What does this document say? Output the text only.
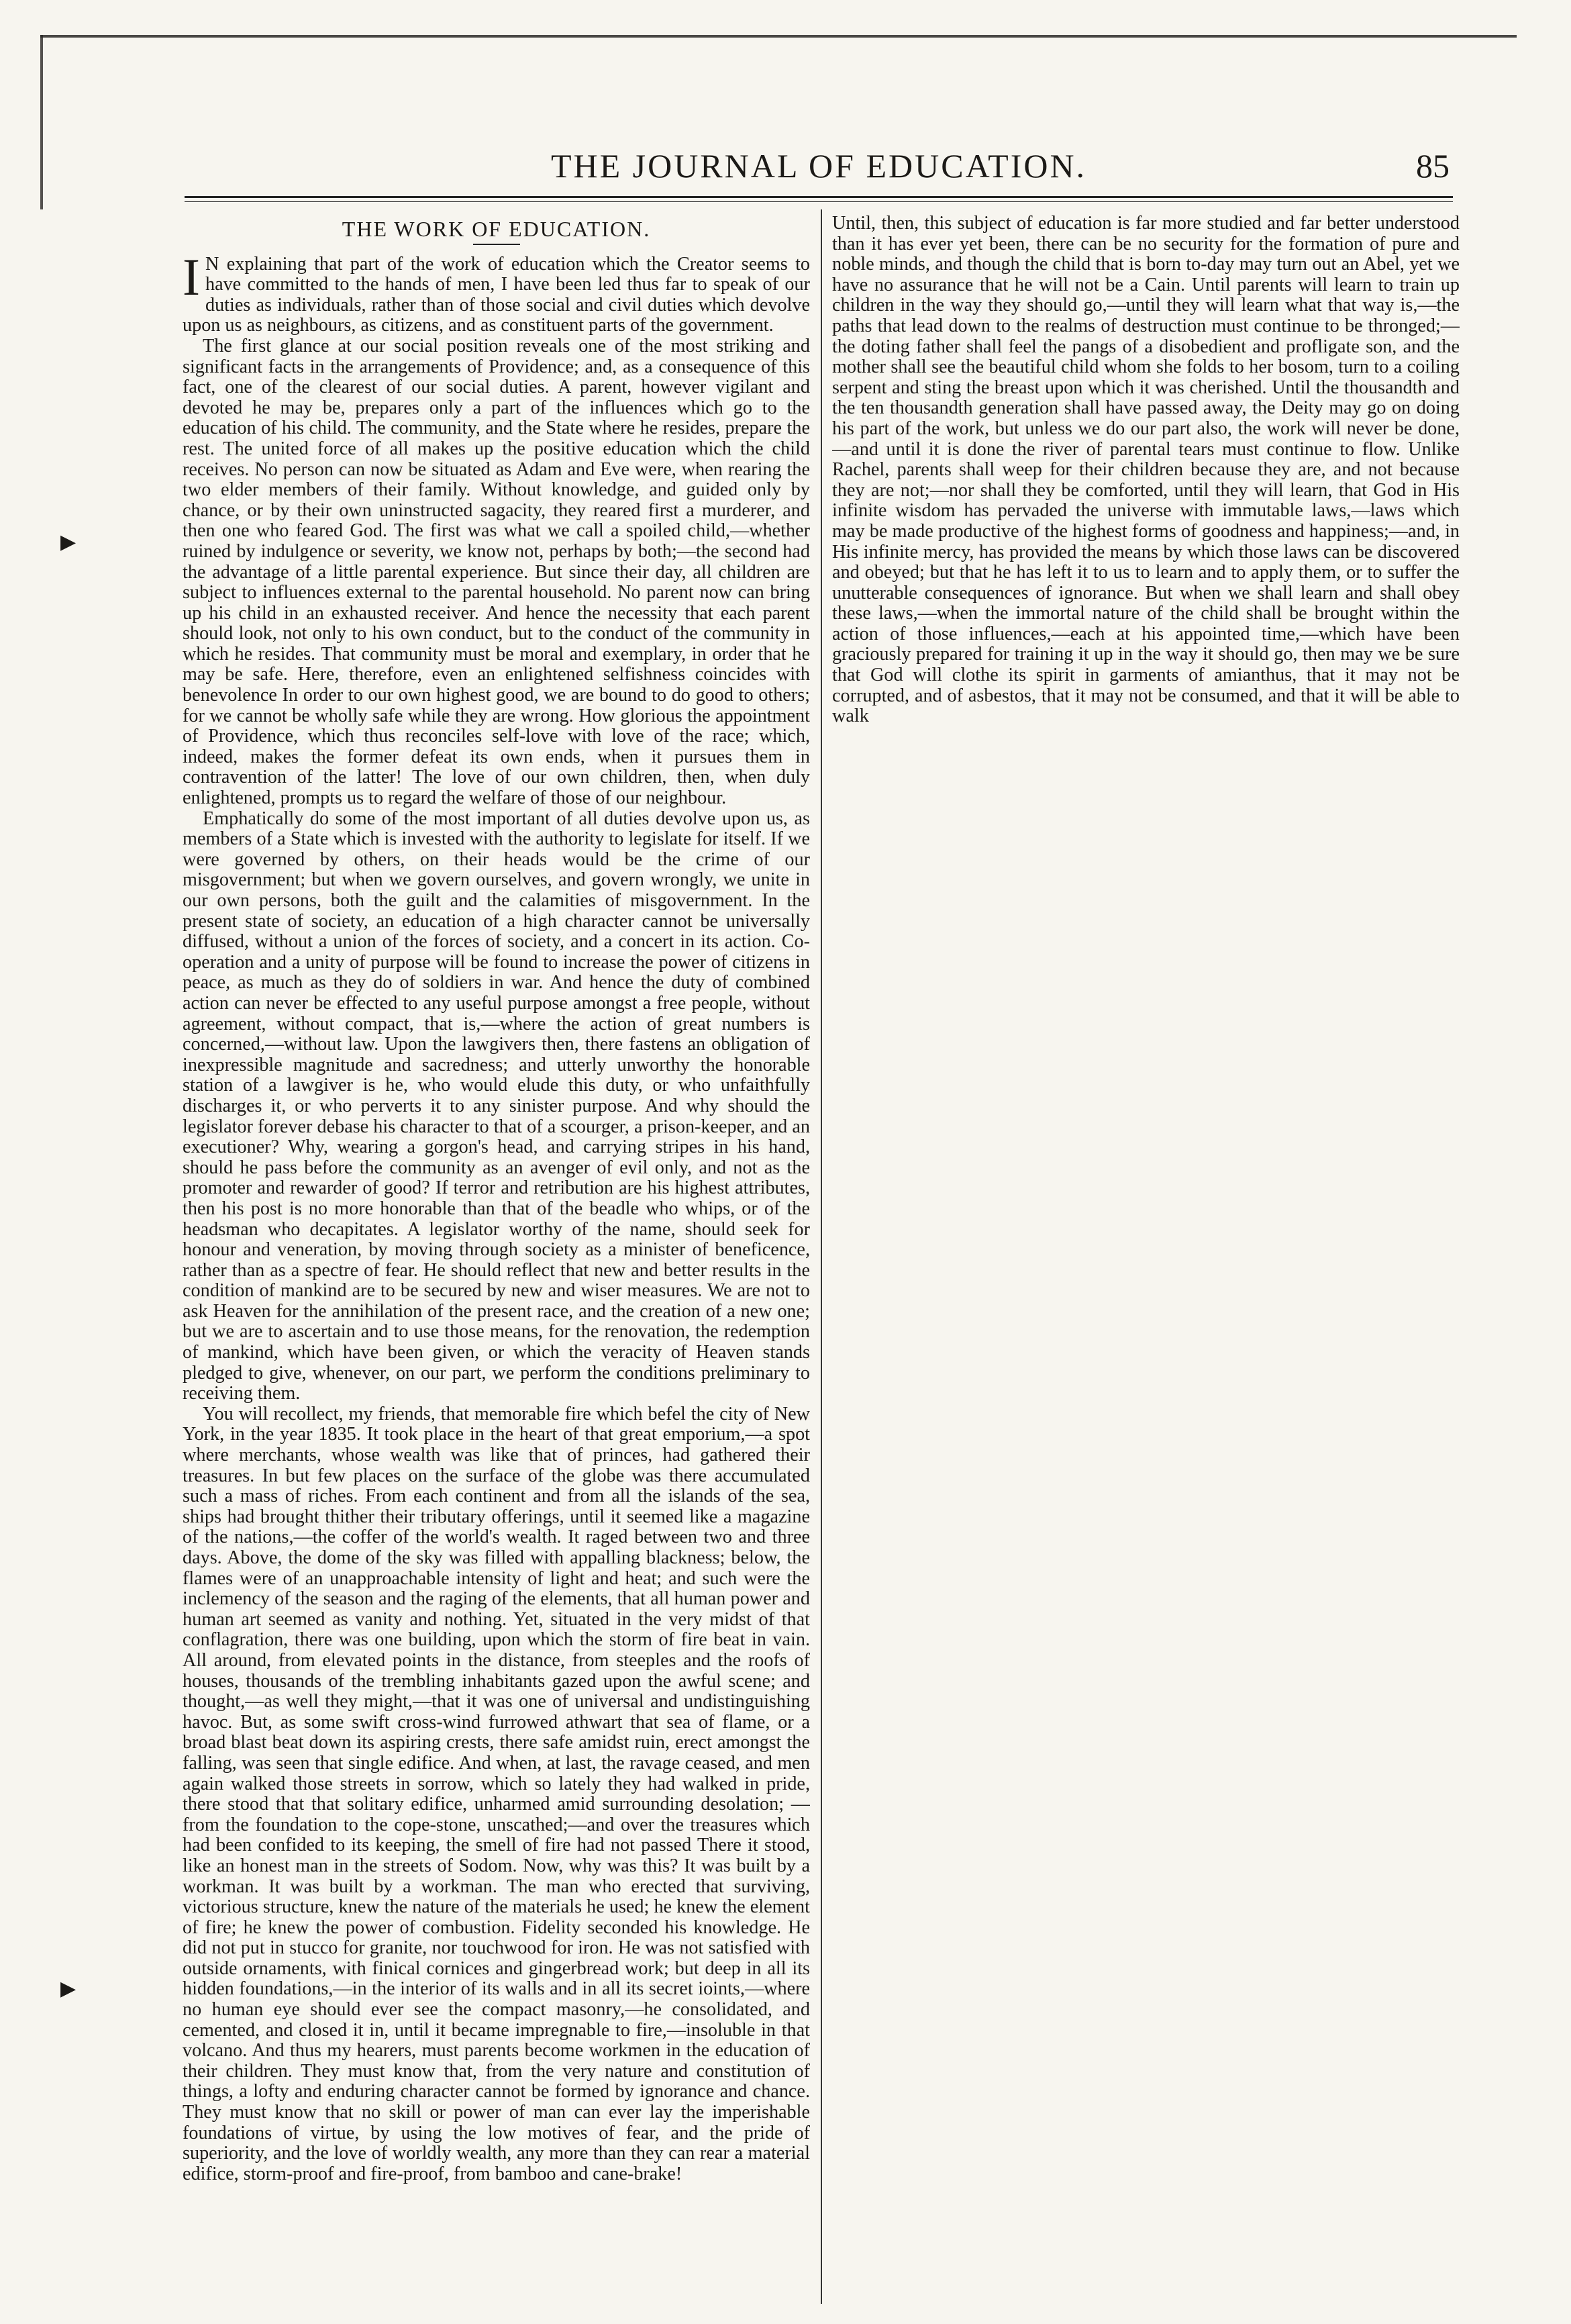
THE JOURNAL OF EDUCATION.	85
THE WORK OF EDUCATION.

I N explaining that part of the work of education which the Creator seems to have committed to the hands of men, I have been led thus far to speak of our duties as individuals, rather than of those social and civil duties which devolve upon us as neighbours, as citizens, and as constituent parts of the government.

The first glance at our social position reveals one of the most striking and significant facts in the arrangements of Providence; and, as a consequence of this fact, one of the clearest of our social duties. A parent, however vigilant and devoted he may be, prepares only a part of the influences which go to the education of his child. The community, and the State where he resides, prepare the rest. The united force of all makes up the positive education which the child receives. No person can now be situated as Adam and Eve were, when rearing the two elder members of their family. Without knowledge, and guided only by chance, or by their own uninstructed sagacity, they reared first a murderer, and then one who feared God. The first was what we call a spoiled child,—whether ruined by indulgence or severity, we know not, perhaps by both;—the second had the advantage of a little parental experience. But since their day, all children are subject to influences external to the parental household. No parent now can bring up his child in an exhausted receiver. And hence the necessity that each parent should look, not only to his own conduct, but to the conduct of the community in which he resides. That community must be moral and exemplary, in order that he may be safe. Here, therefore, even an enlightened selfishness coincides with benevolence In order to our own highest good, we are bound to do good to others; for we cannot be wholly safe while they are wrong. How glorious the appointment of Providence, which thus reconciles self-love with love of the race; which, indeed, makes the former defeat its own ends, when it pursues them in contravention of the latter! The love of our own children, then, when duly enlightened, prompts us to regard the welfare of those of our neighbour.

Emphatically do some of the most important of all duties devolve upon us, as members of a State which is invested with the authority to legislate for itself. If we were governed by others, on their heads would be the crime of our misgovernment; but when we govern ourselves, and govern wrongly, we unite in our own persons, both the guilt and the calamities of misgovernment. In the present state of society, an education of a high character cannot be universally diffused, without a union of the forces of society, and a concert in its action. Co-operation and a unity of purpose will be found to increase the power of citizens in peace, as much as they do of soldiers in war. And hence the duty of combined action can never be effected to any useful purpose amongst a free people, without agreement, without compact, that is,—where the action of great numbers is concerned,—without law. Upon the lawgivers then, there fastens an obligation of inexpressible magnitude and sacredness; and utterly unworthy the honorable station of a lawgiver is he, who would elude this duty, or who unfaithfully discharges it, or who perverts it to any sinister purpose. And why should the legislator forever debase his character to that of a scourger, a prison-keeper, and an executioner? Why, wearing a gorgon's head, and carrying stripes in his hand, should he pass before the community as an avenger of evil only, and not as the promoter and rewarder of good? If terror and retribution are his highest attributes, then his post is no more honorable than that of the beadle who whips, or of the headsman who decapitates. A legislator worthy of the name, should seek for honour and veneration, by moving through society as a minister of beneficence, rather than as a spectre of fear. He should reflect that new and better results in the condition of mankind are to be secured by new and wiser measures. We are not to ask Heaven for the annihilation of the present race, and the creation of a new one; but we are to ascertain and to use those means, for the renovation, the redemption of mankind, which have been given, or which the veracity of Heaven stands pledged to give, whenever, on our part, we perform the conditions preliminary to receiving them.

You will recollect, my friends, that memorable fire which befel the city of New York, in the year 1835. It took place in the heart of that great emporium,—a spot where merchants, whose wealth was like that of princes, had gathered their treasures. In but few places on the surface of the globe was there accumulated such a mass of riches. From each continent and from all the islands of the sea, ships had brought thither their tributary offerings, until it seemed like a magazine of the nations,—the coffer of the world's wealth. It raged between two and three days. Above, the dome of the sky was filled with appalling blackness; below, the flames were of an unapproachable intensity of light and heat; and such were the inclemency of the season and the raging of the elements, that all human power and human art seemed as vanity and nothing. Yet, situated in the very midst of that conflagration, there was one building, upon which the storm of fire beat in vain. All around, from elevated points in the distance, from steeples and the roofs of houses, thousands of the trembling inhabitants gazed upon the awful scene; and thought,—as well they might,—that it was one of universal and undistinguishing havoc. But, as some swift cross-wind furrowed athwart that sea of flame, or a broad blast beat down its aspiring crests, there safe amidst ruin, erect amongst the falling, was seen that single edifice. And when, at last, the ravage ceased, and men again walked those streets in sorrow, which so lately they had walked in pride, there stood that that solitary edifice, unharmed amid surrounding desolation; — from the foundation to the cope-stone, unscathed;—and over the treasures which had been confided to its keeping, the smell of fire had not passed There it stood, like an honest man in the streets of Sodom. Now, why was this? It was built by a workman. It was built by a workman. The man who erected that surviving, victorious structure, knew the nature of the materials he used; he knew the element of fire; he knew the power of combustion. Fidelity seconded his knowledge. He did not put in stucco for granite, nor touchwood for iron. He was not satisfied with outside ornaments, with finical cornices and gingerbread work; but deep in all its hidden foundations,—in the interior of its walls and in all its secret ioints,—where no human eye should ever see the compact masonry,—he consolidated, and cemented, and closed it in, until it became impregnable to fire,—insoluble in that volcano. And thus my hearers, must parents become workmen in the education of their children. They must know that, from the very nature and constitution of things, a lofty and enduring character cannot be formed by ignorance and chance. They must know that no skill or power of man can ever lay the imperishable foundations of virtue, by using the low motives of fear, and the pride of superiority, and the love of worldly wealth, any more than they can rear a material edifice, storm-proof and fire-proof, from bamboo and cane-brake!

Until, then, this subject of education is far more studied and far better understood than it has ever yet been, there can be no security for the formation of pure and noble minds, and though the child that is born to-day may turn out an Abel, yet we have no assurance that he will not be a Cain. Until parents will learn to train up children in the way they should go,—until they will learn what that way is,—the paths that lead down to the realms of destruction must continue to be thronged;—the doting father shall feel the pangs of a disobedient and profligate son, and the mother shall see the beautiful child whom she folds to her bosom, turn to a coiling serpent and sting the breast upon which it was cherished. Until the thousandth and the ten thousandth generation shall have passed away, the Deity may go on doing his part of the work, but unless we do our part also, the work will never be done,—and until it is done the river of parental tears must continue to flow. Unlike Rachel, parents shall weep for their children because they are, and not because they are not;—nor shall they be comforted, until they will learn, that God in His infinite wisdom has pervaded the universe with immutable laws,—laws which may be made productive of the highest forms of goodness and happiness;—and, in His infinite mercy, has provided the means by which those laws can be discovered and obeyed; but that he has left it to us to learn and to apply them, or to suffer the unutterable consequences of ignorance. But when we shall learn and shall obey these laws,—when the immortal nature of the child shall be brought within the action of those influences,—each at his appointed time,—which have been graciously prepared for training it up in the way it should go, then may we be sure that God will clothe its spirit in garments of amianthus, that it may not be corrupted, and of asbestos, that it may not be consumed, and that it will be able to walk

▶
▶
